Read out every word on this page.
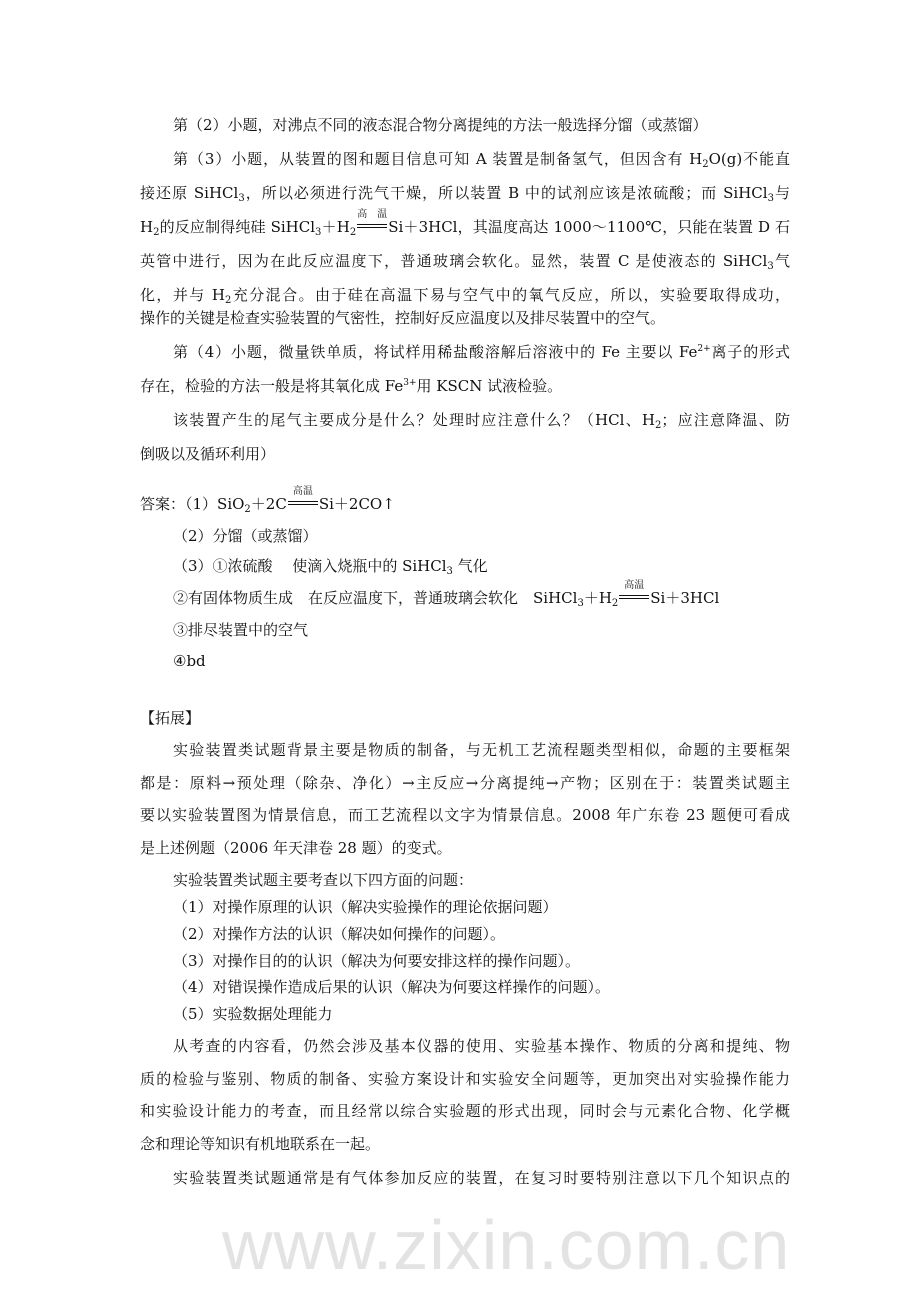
www.zixin.com.cn
第（2）小题，对沸点不同的液态混合物分离提纯的方法一般选择分馏（或蒸馏）
第（3）小题，从装置的图和题目信息可知 A 装置是制备氢气，但因含有 $H_2O(g)$不能直
接还原 SiHCl$_3$，所以必须进行洗气干燥，所以装置 B 中的试剂应该是浓硫酸；而 SiHCl$_3$与
$H_2$的反应制得纯硅 $SiHCl_3+H_2$
高温
Si＋3HCl，其温度高达 1000～1100℃，只能在装置 D 石
英管中进行，因为在此反应温度下，普通玻璃会软化。显然，装置 C 是使液态的 SiHCl$_3$气
化，并与 $H_2$充分混合。由于硅在高温下易与空气中的氧气反应，所以，实验要取得成功，
操作的关键是检查实验装置的气密性，控制好反应温度以及排尽装置中的空气。
第（4）小题，微量铁单质，将试样用稀盐酸溶解后溶液中的 Fe 主要以 $Fe^{2+}$离子的形式
存在，检验的方法一般是将其氧化成 $Fe^{3+}$用 KSCN 试液检验。
该装置产生的尾气主要成分是什么？处理时应注意什么？（HCl、$H_2$；应注意降温、防
倒吸以及循环利用）
答案：（1）SiO$_2$＋2C
高温
Si＋2CO↑
（2）分馏（或蒸馏）
（3）①浓硫酸　 使滴入烧瓶中的 SiHCl$_3$ 气化
②有固体物质生成　在反应温度下，普通玻璃会软化　$SiHCl_3+H_2$
高温
Si＋3HCl
③排尽装置中的空气
④bd
【拓展】
实验装置类试题背景主要是物质的制备，与无机工艺流程题类型相似，命题的主要框架
都是：原料→预处理（除杂、净化）→主反应→分离提纯→产物；区别在于：装置类试题主
要以实验装置图为情景信息，而工艺流程以文字为情景信息。2008 年广东卷 23 题便可看成
是上述例题（2006 年天津卷 28 题）的变式。
实验装置类试题主要考查以下四方面的问题：
（1）对操作原理的认识（解决实验操作的理论依据问题）
（2）对操作方法的认识（解决如何操作的问题）。
（3）对操作目的的认识（解决为何要安排这样的操作问题）。
（4）对错误操作造成后果的认识（解决为何要这样操作的问题）。
（5）实验数据处理能力
从考查的内容看，仍然会涉及基本仪器的使用、实验基本操作、物质的分离和提纯、物
质的检验与鉴别、物质的制备、实验方案设计和实验安全问题等，更加突出对实验操作能力
和实验设计能力的考查，而且经常以综合实验题的形式出现，同时会与元素化合物、化学概
念和理论等知识有机地联系在一起。
实验装置类试题通常是有气体参加反应的装置，在复习时要特别注意以下几个知识点的
